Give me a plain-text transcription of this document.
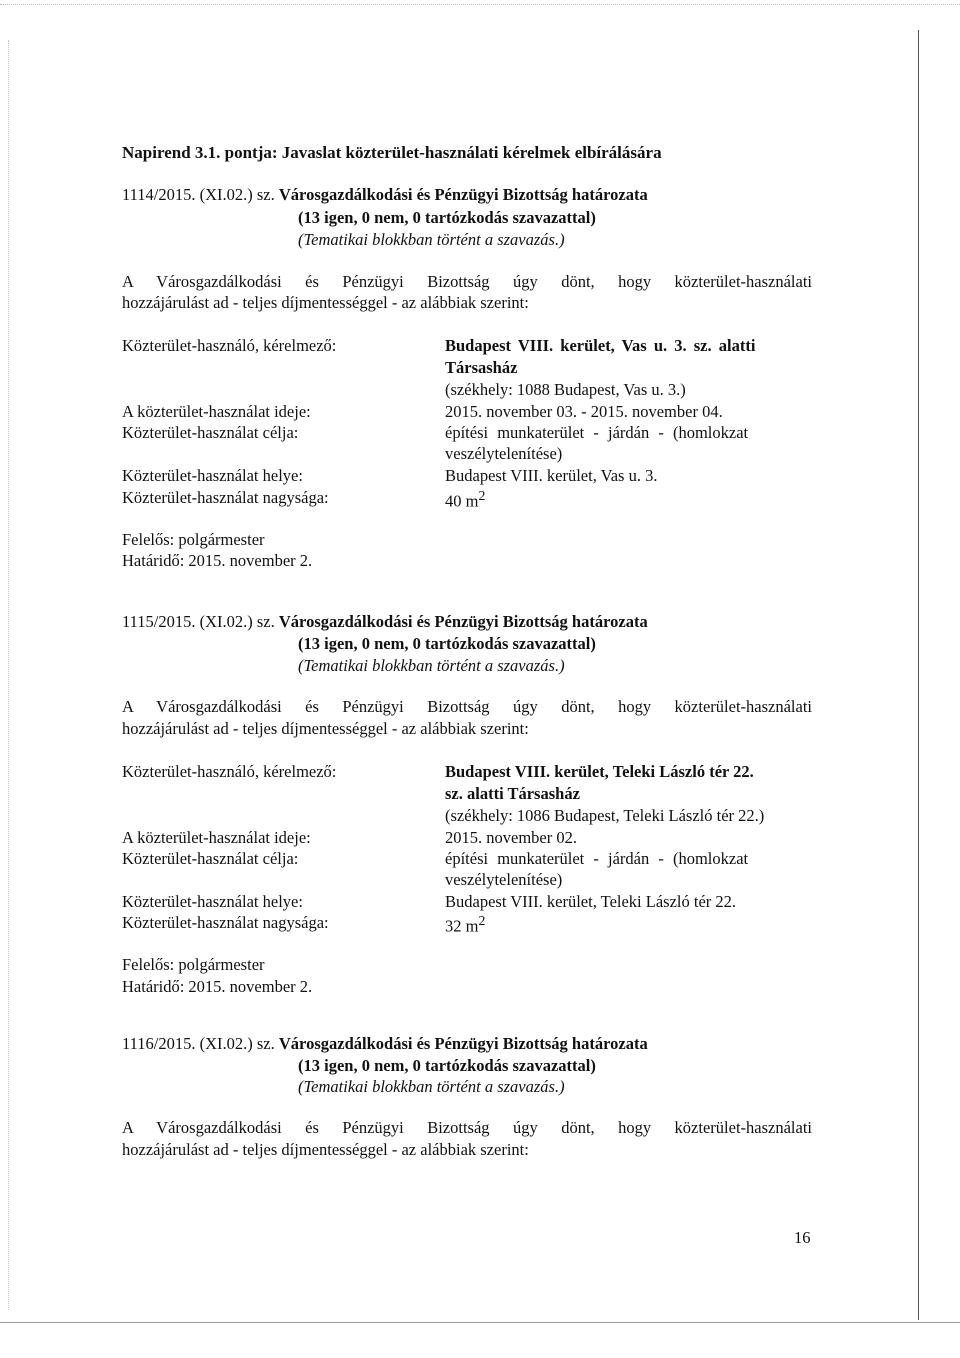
Napirend 3.1. pontja: Javaslat közterület-használati kérelmek elbírálására
1114/2015. (XI.02.) sz. Városgazdálkodási és Pénzügyi Bizottság határozata
(13 igen, 0 nem, 0 tartózkodás szavazattal)
(Tematikai blokkban történt a szavazás.)
A Városgazdálkodási és Pénzügyi Bizottság úgy dönt, hogy közterület-használati
hozzájárulást ad - teljes díjmentességgel - az alábbiak szerint:
Közterület-használó, kérelmező:	Budapest VIII. kerület, Vas u. 3. sz. alatti
Társasház
(székhely: 1088 Budapest, Vas u. 3.)
A közterület-használat ideje:	2015. november 03. - 2015. november 04.
Közterület-használat célja:	építési munkaterület - járdán - (homlokzat
veszélytelenítése)
Közterület-használat helye:	Budapest VIII. kerület, Vas u. 3.
Közterület-használat nagysága:	40 $m^2$
Felelős: polgármester
Határidő: 2015. november 2.
1115/2015. (XI.02.) sz. Városgazdálkodási és Pénzügyi Bizottság határozata
(13 igen, 0 nem, 0 tartózkodás szavazattal)
(Tematikai blokkban történt a szavazás.)
A Városgazdálkodási és Pénzügyi Bizottság úgy dönt, hogy közterület-használati
hozzájárulást ad - teljes díjmentességgel - az alábbiak szerint:
Közterület-használó, kérelmező:	Budapest VIII. kerület, Teleki László tér 22.
sz. alatti Társasház
(székhely: 1086 Budapest, Teleki László tér 22.)
A közterület-használat ideje:	2015. november 02.
Közterület-használat célja:	építési munkaterület - járdán - (homlokzat
veszélytelenítése)
Közterület-használat helye:	Budapest VIII. kerület, Teleki László tér 22.
Közterület-használat nagysága:	32 $m^2$
Felelős: polgármester
Határidő: 2015. november 2.
1116/2015. (XI.02.) sz. Városgazdálkodási és Pénzügyi Bizottság határozata
(13 igen, 0 nem, 0 tartózkodás szavazattal)
(Tematikai blokkban történt a szavazás.)
A Városgazdálkodási és Pénzügyi Bizottság úgy dönt, hogy közterület-használati
hozzájárulást ad - teljes díjmentességgel - az alábbiak szerint:
16
